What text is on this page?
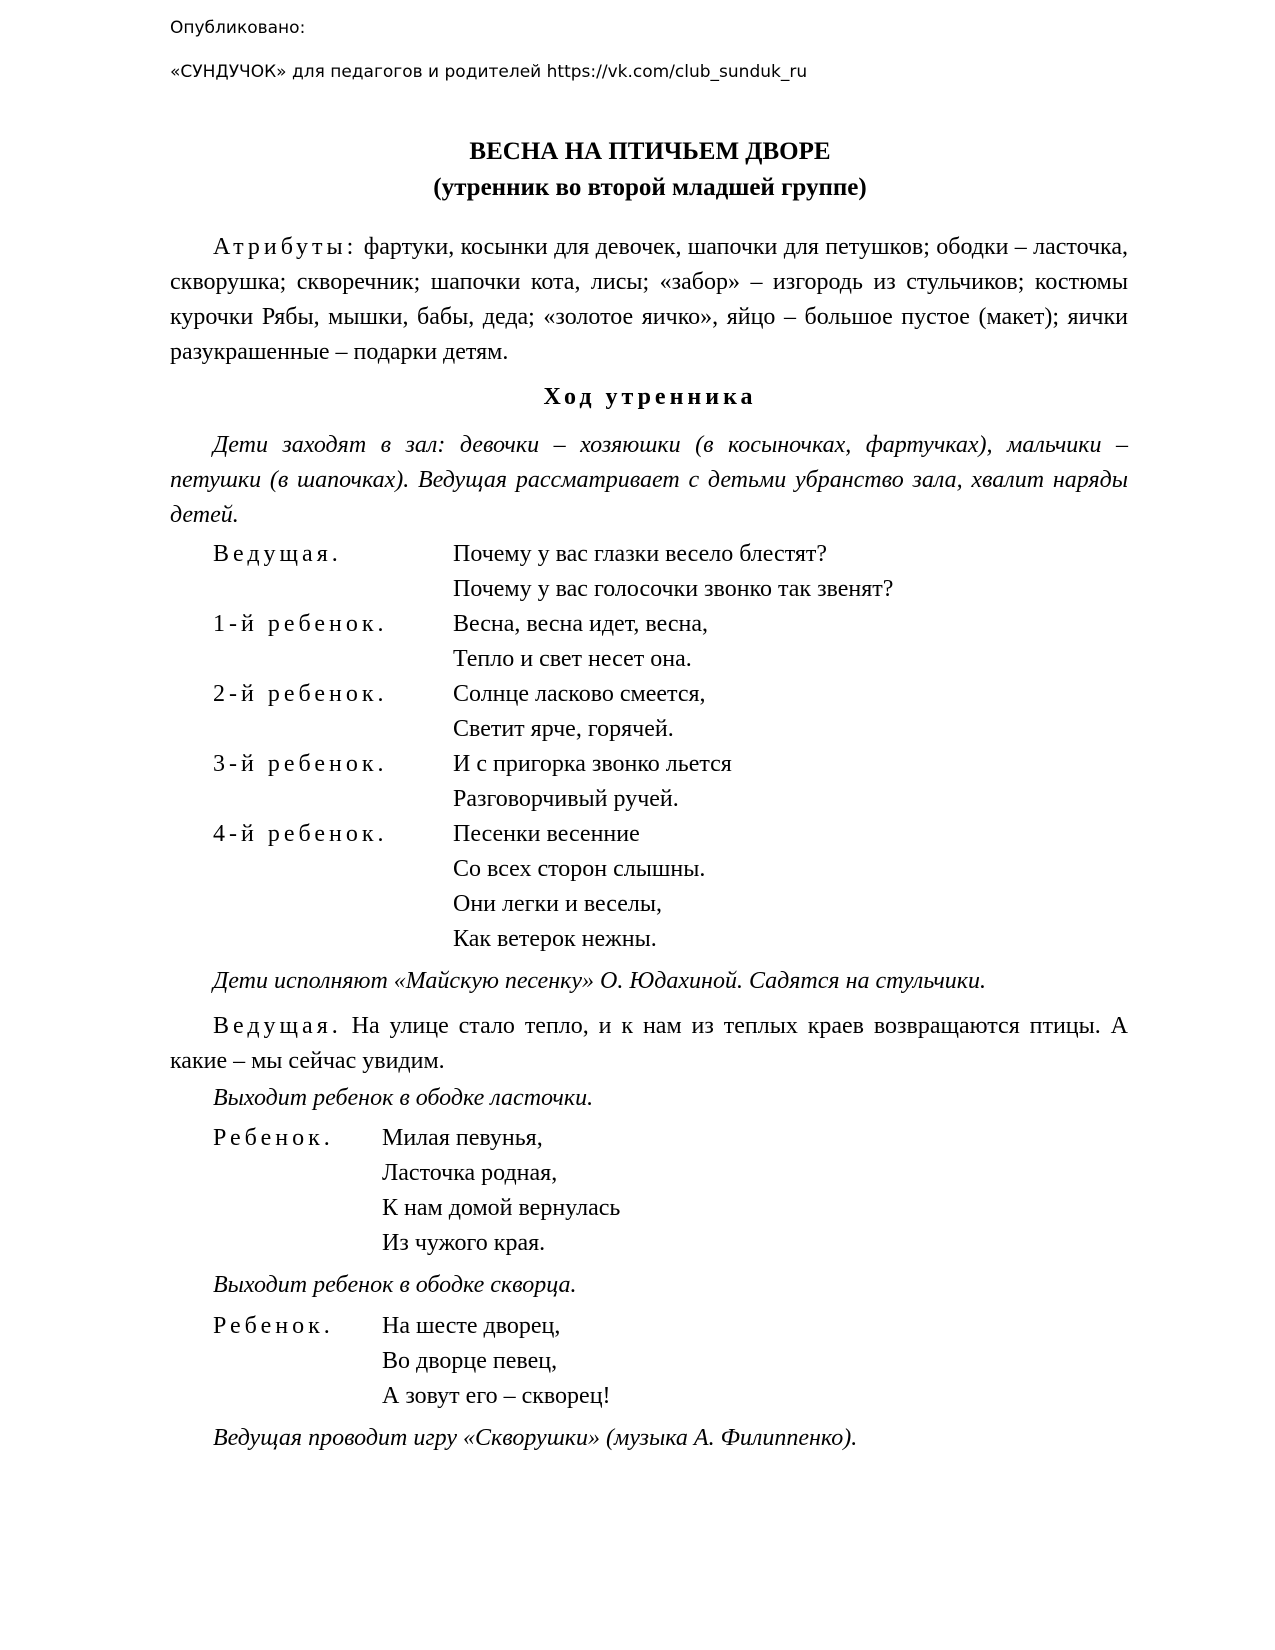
Опубликовано:
«СУНДУЧОК» для педагогов и родителей https://vk.com/club_sunduk_ru
ВЕСНА НА ПТИЧЬЕМ ДВОРЕ
(утренник во второй младшей группе)
Атрибуты: фартуки, косынки для девочек, шапочки для петушков; ободки – ласточка, скворушка; скворечник; шапочки кота, лисы; «забор» – изгородь из стульчиков; костюмы курочки Рябы, мышки, бабы, деда; «золотое яичко», яйцо – большое пустое (макет); яички разукрашенные – подарки детям.
Ход утренника
Дети заходят в зал: девочки – хозяюшки (в косыночках, фартучках), мальчики – петушки (в шапочках). Ведущая рассматривает с детьми убранство зала, хвалит наряды детей.
Ведущая.	Почему у вас глазки весело блестят?
Почему у вас голосочки звонко так звенят?
1-й ребенок.	Весна, весна идет, весна,
Тепло и свет несет она.
2-й ребенок.	Солнце ласково смеется,
Светит ярче, горячей.
3-й ребенок.	И с пригорка звонко льется
Разговорчивый ручей.
4-й ребенок.	Песенки весенние
Со всех сторон слышны.
Они легки и веселы,
Как ветерок нежны.
Дети исполняют «Майскую песенку» О. Юдахиной. Садятся на стульчики.
Ведущая. На улице стало тепло, и к нам из теплых краев возвращаются птицы. А какие – мы сейчас увидим.
Выходит ребенок в ободке ласточки.
Ребенок. Милая певунья,
Ласточка родная,
К нам домой вернулась
Из чужого края.
Выходит ребенок в ободке скворца.
Ребенок. На шесте дворец,
Во дворце певец,
А зовут его – скворец!
Ведущая проводит игру «Скворушки» (музыка А. Филиппенко).
